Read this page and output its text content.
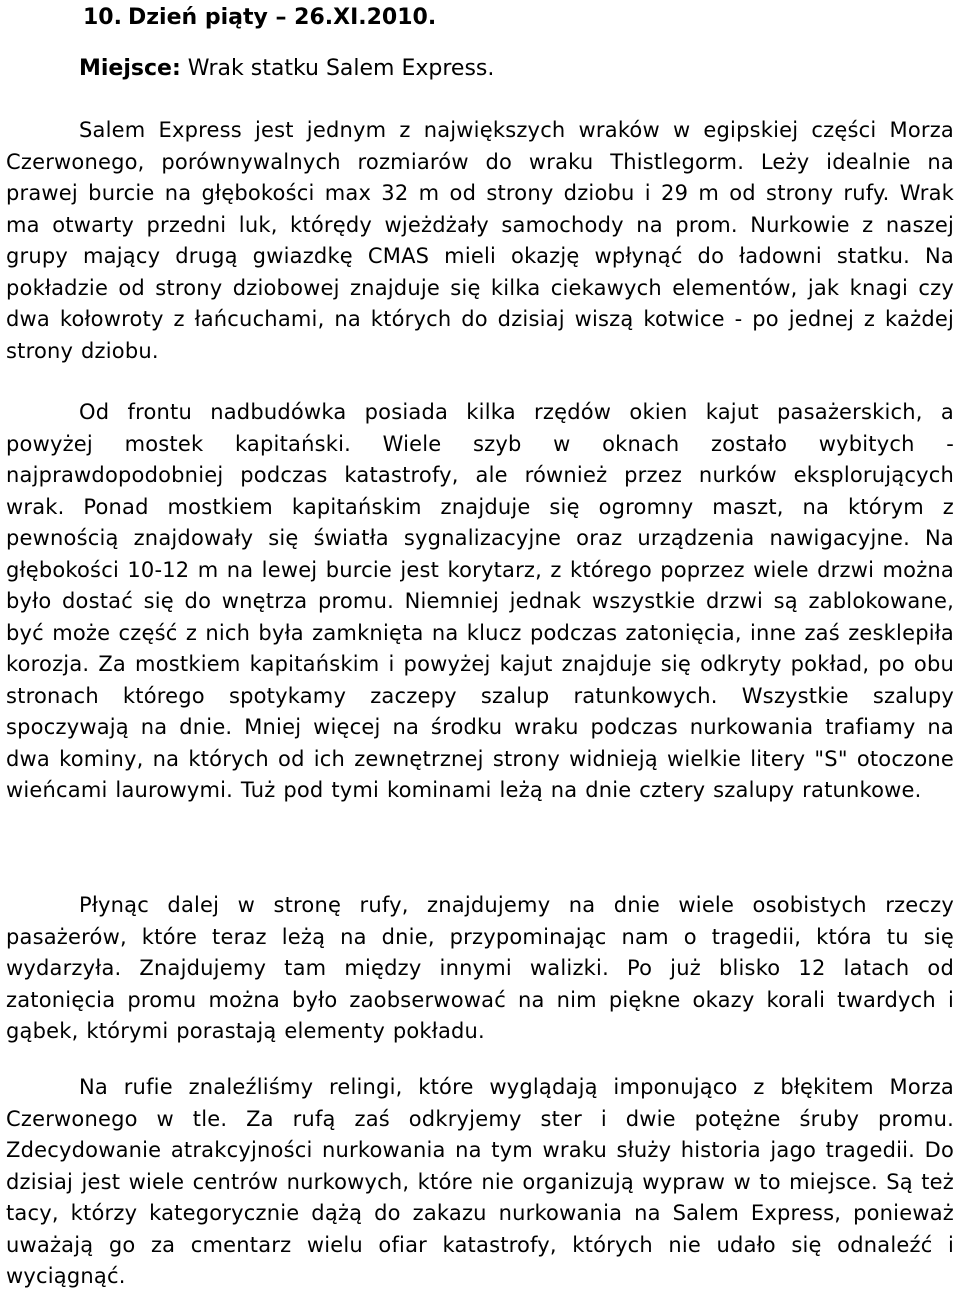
10. Dzień piąty – 26.XI.2010.
Miejsce: Wrak statku Salem Express.

Salem Express jest jednym z największych wraków w egipskiej części Morza Czerwonego, porównywalnych rozmiarów do wraku Thistlegorm. Leży idealnie na prawej burcie na głębokości max 32 m od strony dziobu i 29 m od strony rufy. Wrak ma otwarty przedni luk, którędy wjeżdżały samochody na prom. Nurkowie z naszej grupy mający drugą gwiazdkę CMAS mieli okazję wpłynąć do ładowni statku. Na pokładzie od strony dziobowej znajduje się kilka ciekawych elementów, jak knagi czy dwa kołowroty z łańcuchami, na których do dzisiaj wiszą kotwice - po jednej z każdej strony dziobu.

Od frontu nadbudówka posiada kilka rzędów okien kajut pasażerskich, a powyżej mostek kapitański. Wiele szyb w oknach zostało wybitych - najprawdopodobniej podczas katastrofy, ale również przez nurków eksplorujących wrak. Ponad mostkiem kapitańskim znajduje się ogromny maszt, na którym z pewnością znajdowały się światła sygnalizacyjne oraz urządzenia nawigacyjne. Na głębokości 10-12 m na lewej burcie jest korytarz, z którego poprzez wiele drzwi można było dostać się do wnętrza promu. Niemniej jednak wszystkie drzwi są zablokowane, być może część z nich była zamknięta na klucz podczas zatonięcia, inne zaś zesklepiła korozja. Za mostkiem kapitańskim i powyżej kajut znajduje się odkryty pokład, po obu stronach którego spotykamy zaczepy szalup ratunkowych. Wszystkie szalupy spoczywają na dnie. Mniej więcej na środku wraku podczas nurkowania trafiamy na dwa kominy, na których od ich zewnętrznej strony widnieją wielkie litery "S" otoczone wieńcami laurowymi. Tuż pod tymi kominami leżą na dnie cztery szalupy ratunkowe.

Płynąc dalej w stronę rufy, znajdujemy na dnie wiele osobistych rzeczy pasażerów, które teraz leżą na dnie, przypominając nam o tragedii, która tu się wydarzyła. Znajdujemy tam między innymi walizki. Po już blisko 12 latach od zatonięcia promu można było zaobserwować na nim piękne okazy korali twardych i gąbek, którymi porastają elementy pokładu.

Na rufie znaleźliśmy relingi, które wyglądają imponująco z błękitem Morza Czerwonego w tle. Za rufą zaś odkryjemy ster i dwie potężne śruby promu. Zdecydowanie atrakcyjności nurkowania na tym wraku służy historia jago tragedii. Do dzisiaj jest wiele centrów nurkowych, które nie organizują wypraw w to miejsce. Są też tacy, którzy kategorycznie dążą do zakazu nurkowania na Salem Express, ponieważ uważają go za cmentarz wielu ofiar katastrofy, których nie udało się odnaleźć i wyciągnąć.
